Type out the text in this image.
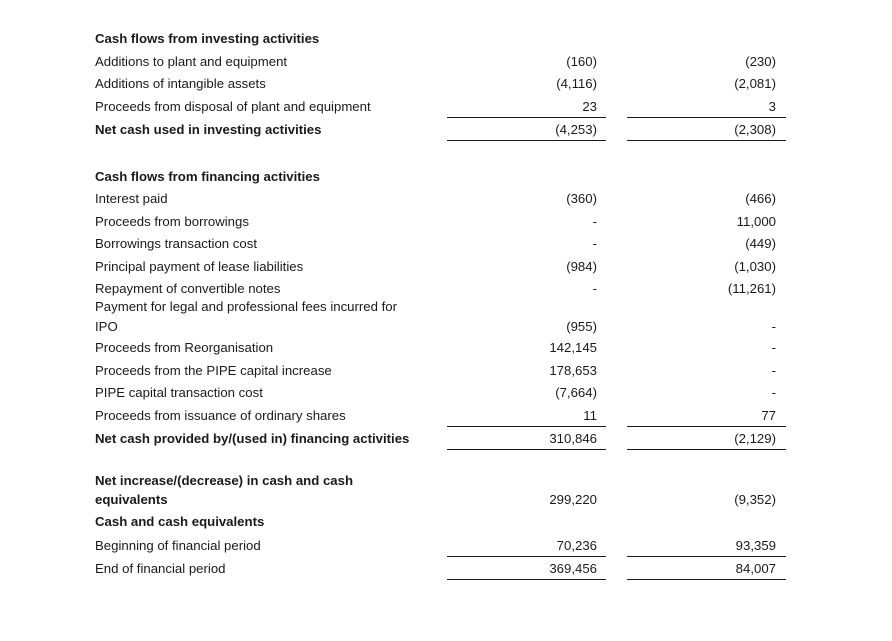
Cash flows from investing activities
Additions to plant and equipment	(160)	(230)
Additions of intangible assets	(4,116)	(2,081)
Proceeds from disposal of plant and equipment	23	3
Net cash used in investing activities	(4,253)	(2,308)
Cash flows from financing activities
Interest paid	(360)	(466)
Proceeds from borrowings	-	11,000
Borrowings transaction cost	-	(449)
Principal payment of lease liabilities	(984)	(1,030)
Repayment of convertible notes	-	(11,261)
Payment for legal and professional fees incurred for
IPO	(955)	-
Proceeds from Reorganisation	142,145	-
Proceeds from the PIPE capital increase	178,653	-
PIPE capital transaction cost	(7,664)	-
Proceeds from issuance of ordinary shares	11	77
Net cash provided by/(used in) financing activities	310,846	(2,129)
Net increase/(decrease) in cash and cash
equivalents	299,220	(9,352)
Cash and cash equivalents
Beginning of financial period	70,236	93,359
End of financial period	369,456	84,007
